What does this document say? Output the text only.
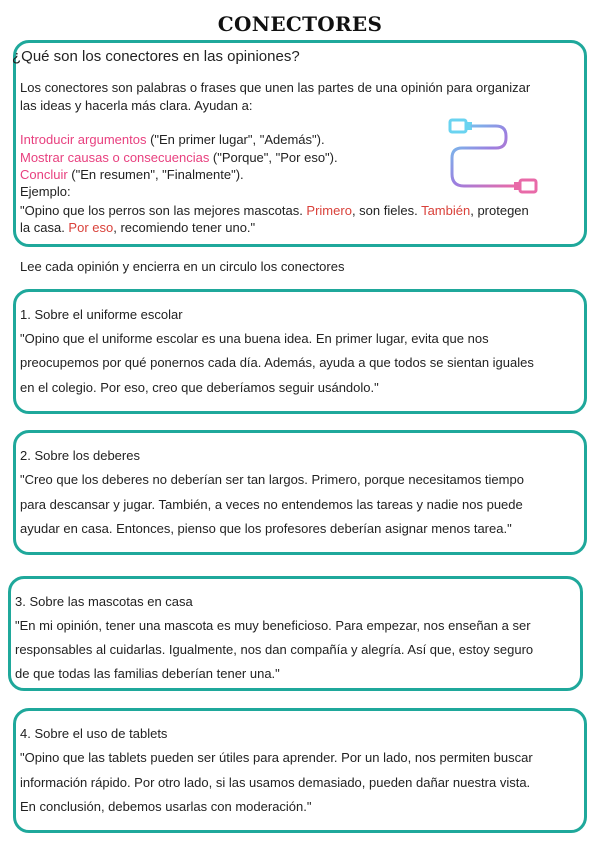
CONECTORES
¿Qué son los conectores en las opiniones?
Los conectores son palabras o frases que unen las partes de una opinión para organizar
las ideas y hacerla más clara. Ayudan a:
Introducir argumentos ("En primer lugar", "Además").
Mostrar causas o consecuencias ("Porque", "Por eso").
Concluir ("En resumen", "Finalmente").
Ejemplo:
"Opino que los perros son las mejores mascotas. Primero, son fieles. También, protegen
la casa. Por eso, recomiendo tener uno."
Lee cada opinión y encierra en un circulo los conectores
1. Sobre el uniforme escolar
"Opino que el uniforme escolar es una buena idea. En primer lugar, evita que nos
preocupemos por qué ponernos cada día. Además, ayuda a que todos se sientan iguales
en el colegio. Por eso, creo que deberíamos seguir usándolo."
2. Sobre los deberes
"Creo que los deberes no deberían ser tan largos. Primero, porque necesitamos tiempo
para descansar y jugar. También, a veces no entendemos las tareas y nadie nos puede
ayudar en casa. Entonces, pienso que los profesores deberían asignar menos tarea."
3. Sobre las mascotas en casa
"En mi opinión, tener una mascota es muy beneficioso. Para empezar, nos enseñan a ser
responsables al cuidarlas. Igualmente, nos dan compañía y alegría. Así que, estoy seguro
de que todas las familias deberían tener una."
4. Sobre el uso de tablets
"Opino que las tablets pueden ser útiles para aprender. Por un lado, nos permiten buscar
información rápido. Por otro lado, si las usamos demasiado, pueden dañar nuestra vista.
En conclusión, debemos usarlas con moderación."
